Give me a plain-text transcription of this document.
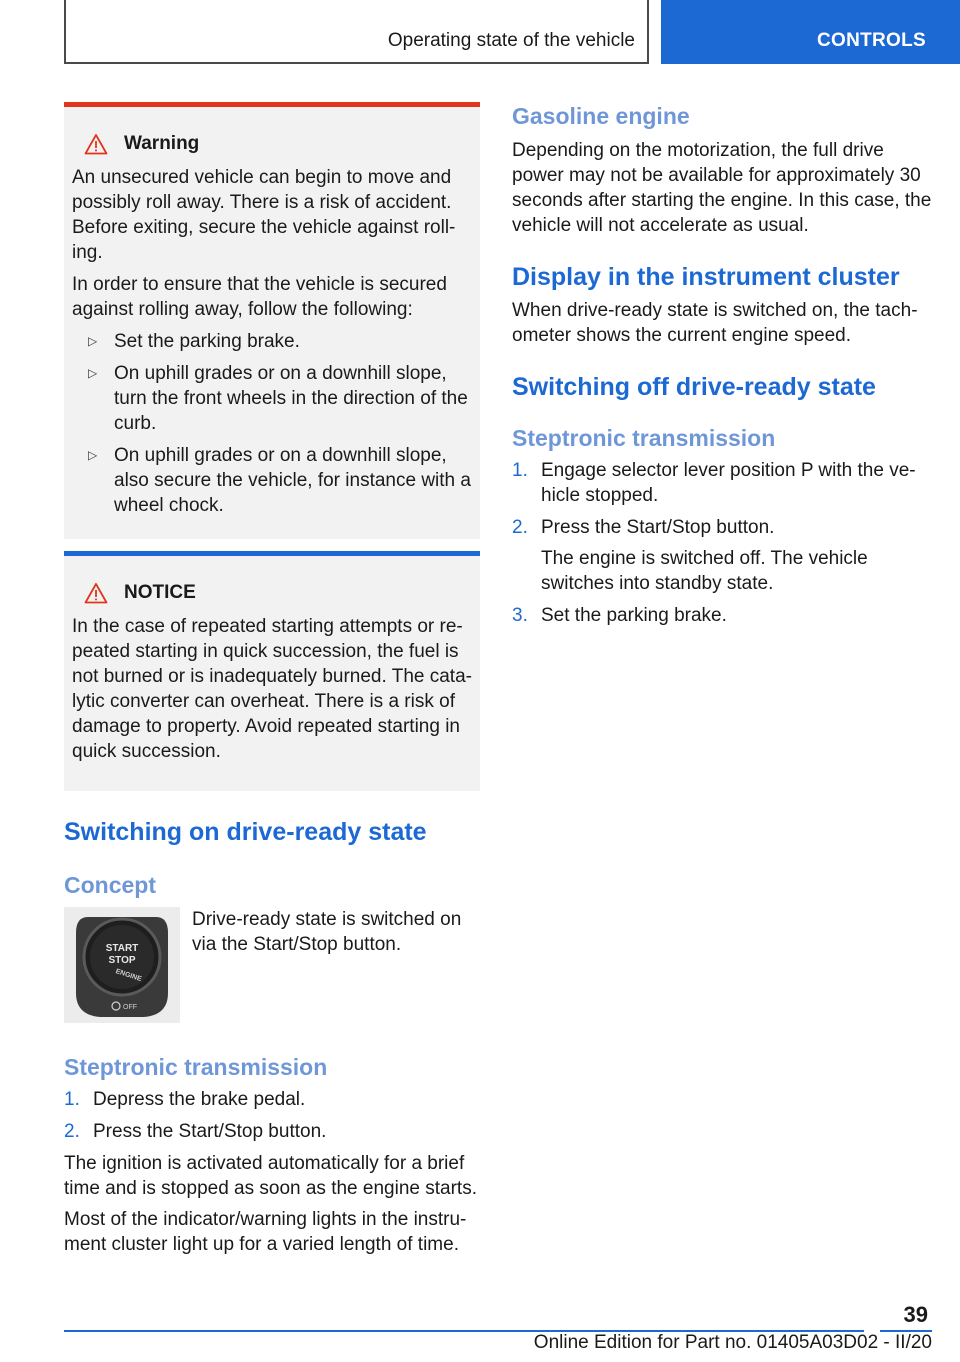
Operating state of the vehicle	CONTROLS
Warning

An unsecured vehicle can begin to move and possibly roll away. There is a risk of accident. Before exiting, secure the vehicle against roll‐ing.

In order to ensure that the vehicle is secured against rolling away, follow the following:

▷ Set the parking brake.
▷ On uphill grades or on a downhill slope, turn the front wheels in the direction of the curb.
▷ On uphill grades or on a downhill slope, also secure the vehicle, for instance with a wheel chock.
NOTICE

In the case of repeated starting attempts or re‐peated starting in quick succession, the fuel is not burned or is inadequately burned. The cata‐lytic converter can overheat. There is a risk of damage to property. Avoid repeated starting in quick succession.

Switching on drive-ready state
Concept
START
STOP
ENGINE
OFF

Drive-ready state is switched on via the Start/Stop button.

Steptronic transmission
1. Depress the brake pedal.
2. Press the Start/Stop button.

The ignition is activated automatically for a brief time and is stopped as soon as the engine starts.

Most of the indicator/warning lights in the instru‐ment cluster light up for a varied length of time.

Gasoline engine

Depending on the motorization, the full drive power may not be available for approximately 30 seconds after starting the engine. In this case, the vehicle will not accelerate as usual.

Display in the instrument cluster

When drive-ready state is switched on, the tach‐ometer shows the current engine speed.

Switching off drive-ready state
Steptronic transmission
1. Engage selector lever position P with the ve‐hicle stopped.
2. Press the Start/Stop button.
The engine is switched off. The vehicle switches into standby state.
3. Set the parking brake.
39
Online Edition for Part no. 01405A03D02 - II/20
